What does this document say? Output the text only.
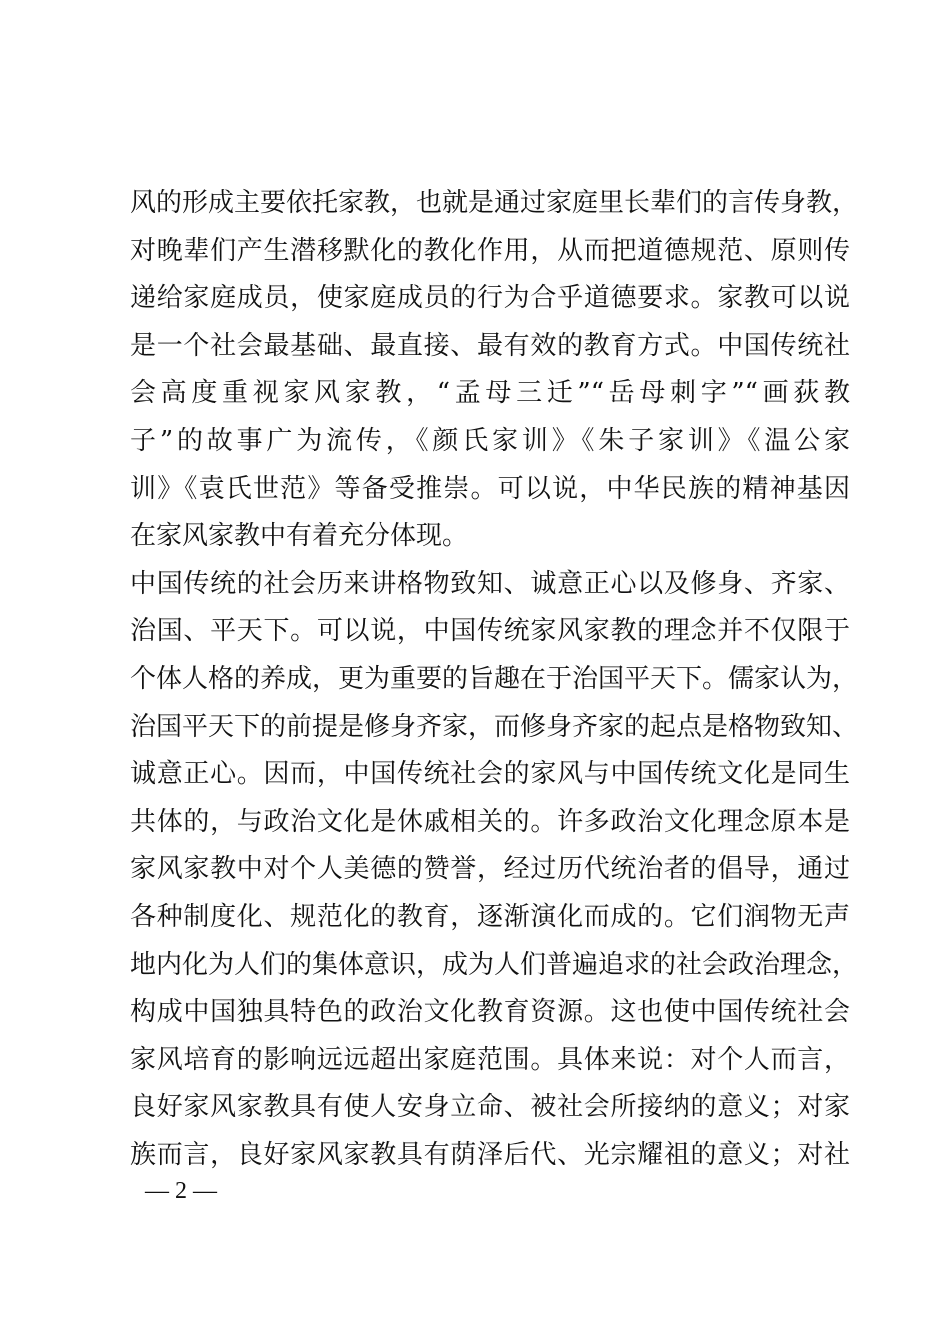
风的形成主要依托家教，也就是通过家庭里长辈们的言传身教，
对晚辈们产生潜移默化的教化作用，从而把道德规范、原则传
递给家庭成员，使家庭成员的行为合乎道德要求。家教可以说
是一个社会最基础、最直接、最有效的教育方式。中国传统社
会高度重视家风家教，“孟母三迁”“岳母刺字”“画荻教
子”的故事广为流传，《颜氏家训》《朱子家训》《温公家
训》《袁氏世范》等备受推崇。可以说，中华民族的精神基因
在家风家教中有着充分体现。
中国传统的社会历来讲格物致知、诚意正心以及修身、齐家、
治国、平天下。可以说，中国传统家风家教的理念并不仅限于
个体人格的养成，更为重要的旨趣在于治国平天下。儒家认为，
治国平天下的前提是修身齐家，而修身齐家的起点是格物致知、
诚意正心。因而，中国传统社会的家风与中国传统文化是同生
共体的，与政治文化是休戚相关的。许多政治文化理念原本是
家风家教中对个人美德的赞誉，经过历代统治者的倡导，通过
各种制度化、规范化的教育，逐渐演化而成的。它们润物无声
地内化为人们的集体意识，成为人们普遍追求的社会政治理念，
构成中国独具特色的政治文化教育资源。这也使中国传统社会
家风培育的影响远远超出家庭范围。具体来说：对个人而言，
良好家风家教具有使人安身立命、被社会所接纳的意义；对家
族而言，良好家风家教具有荫泽后代、光宗耀祖的意义；对社
— 2 —
